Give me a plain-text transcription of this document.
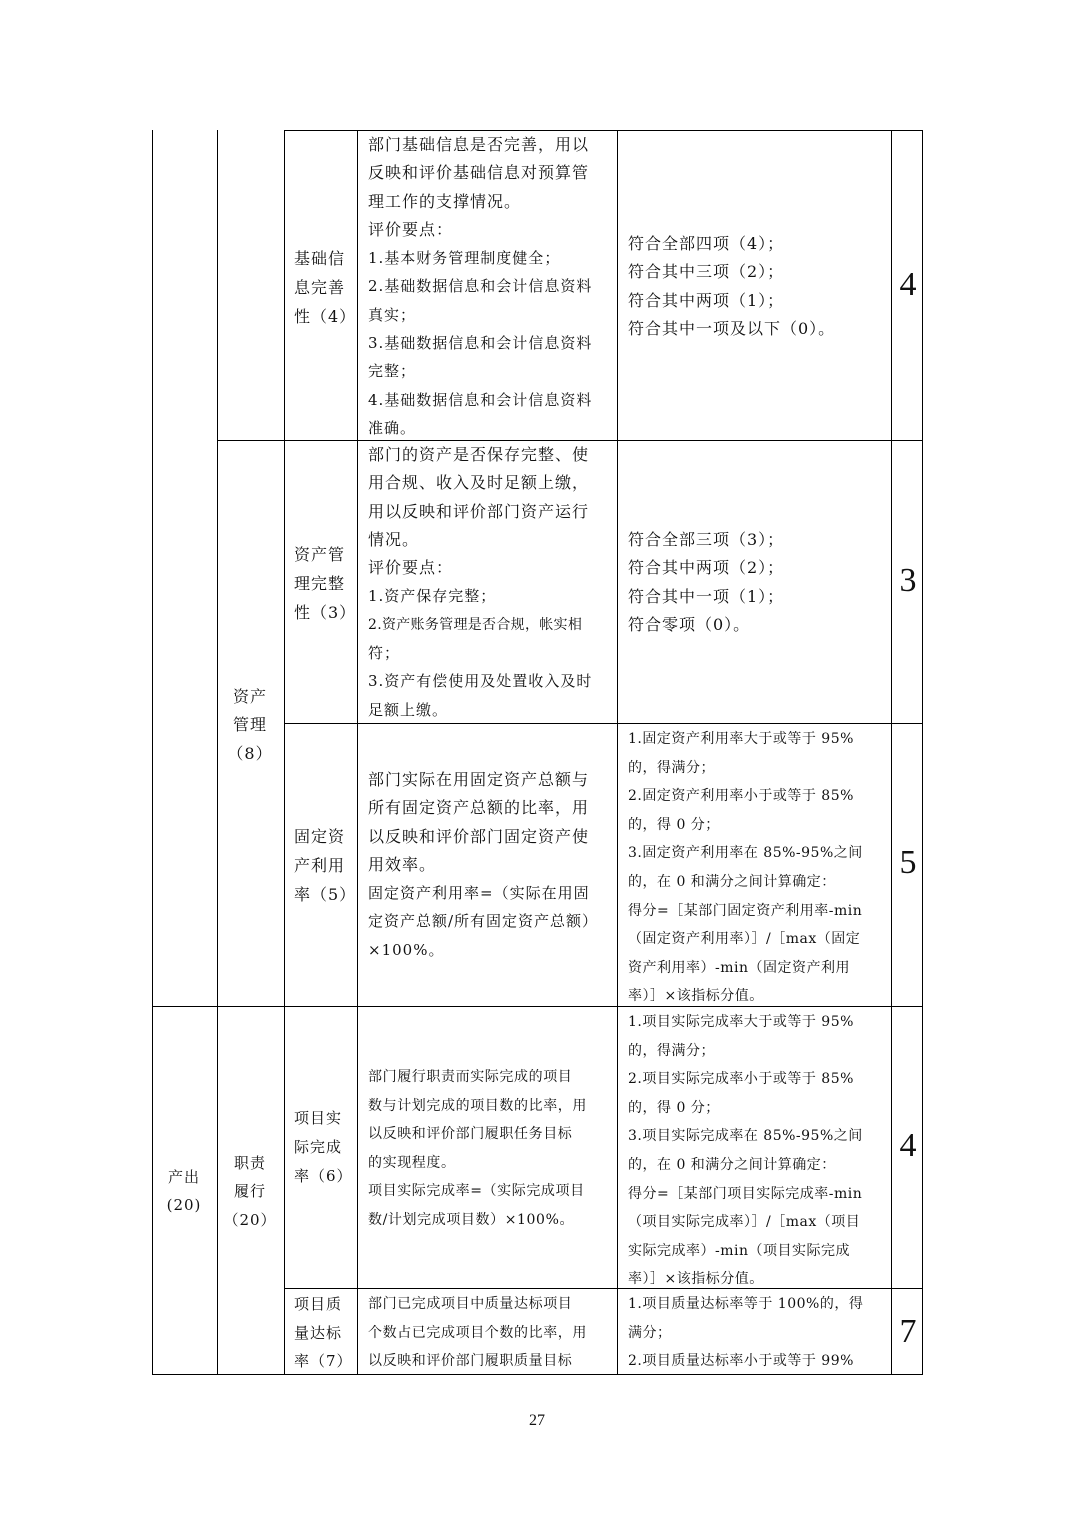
资产
管理
（8）
职责
履行
（20）
产出
(20)
基础信
息完善
性（4）
部门基础信息是否完善，用以
反映和评价基础信息对预算管
理工作的支撑情况。
评价要点：
1.基本财务管理制度健全；
2.基础数据信息和会计信息资料
真实；
3.基础数据信息和会计信息资料
完整；
4.基础数据信息和会计信息资料
准确。
符合全部四项（4）；
符合其中三项（2）；
符合其中两项（1）；
符合其中一项及以下（0）。
4
资产管
理完整
性（3）
部门的资产是否保存完整、使
用合规、收入及时足额上缴，
用以反映和评价部门资产运行
情况。
评价要点：
1.资产保存完整；
2.资产账务管理是否合规，帐实相
符；
3.资产有偿使用及处置收入及时
足额上缴。
符合全部三项（3）；
符合其中两项（2）；
符合其中一项（1）；
符合零项（0）。
3
固定资
产利用
率（5）
部门实际在用固定资产总额与
所有固定资产总额的比率，用
以反映和评价部门固定资产使
用效率。
固定资产利用率=（实际在用固
定资产总额/所有固定资产总额）
×100%。
1.固定资产利用率大于或等于 95%
的，得满分；
2.固定资产利用率小于或等于 85%
的，得 0 分；
3.固定资产利用率在 85%-95%之间
的，在 0 和满分之间计算确定：
得分=［某部门固定资产利用率-min
（固定资产利用率）］/［max（固定
资产利用率）-min（固定资产利用
率）］×该指标分值。
5
项目实
际完成
率（6）
部门履行职责而实际完成的项目
数与计划完成的项目数的比率，用
以反映和评价部门履职任务目标
的实现程度。
项目实际完成率=（实际完成项目
数/计划完成项目数）×100%。
1.项目实际完成率大于或等于 95%
的，得满分；
2.项目实际完成率小于或等于 85%
的，得 0 分；
3.项目实际完成率在 85%-95%之间
的，在 0 和满分之间计算确定：
得分=［某部门项目实际完成率-min
（项目实际完成率）］/［max（项目
实际完成率）-min（项目实际完成
率）］×该指标分值。
4
项目质
量达标
率（7）
部门已完成项目中质量达标项目
个数占已完成项目个数的比率，用
以反映和评价部门履职质量目标
1.项目质量达标率等于 100%的，得
满分；
2.项目质量达标率小于或等于 99%
7
27
